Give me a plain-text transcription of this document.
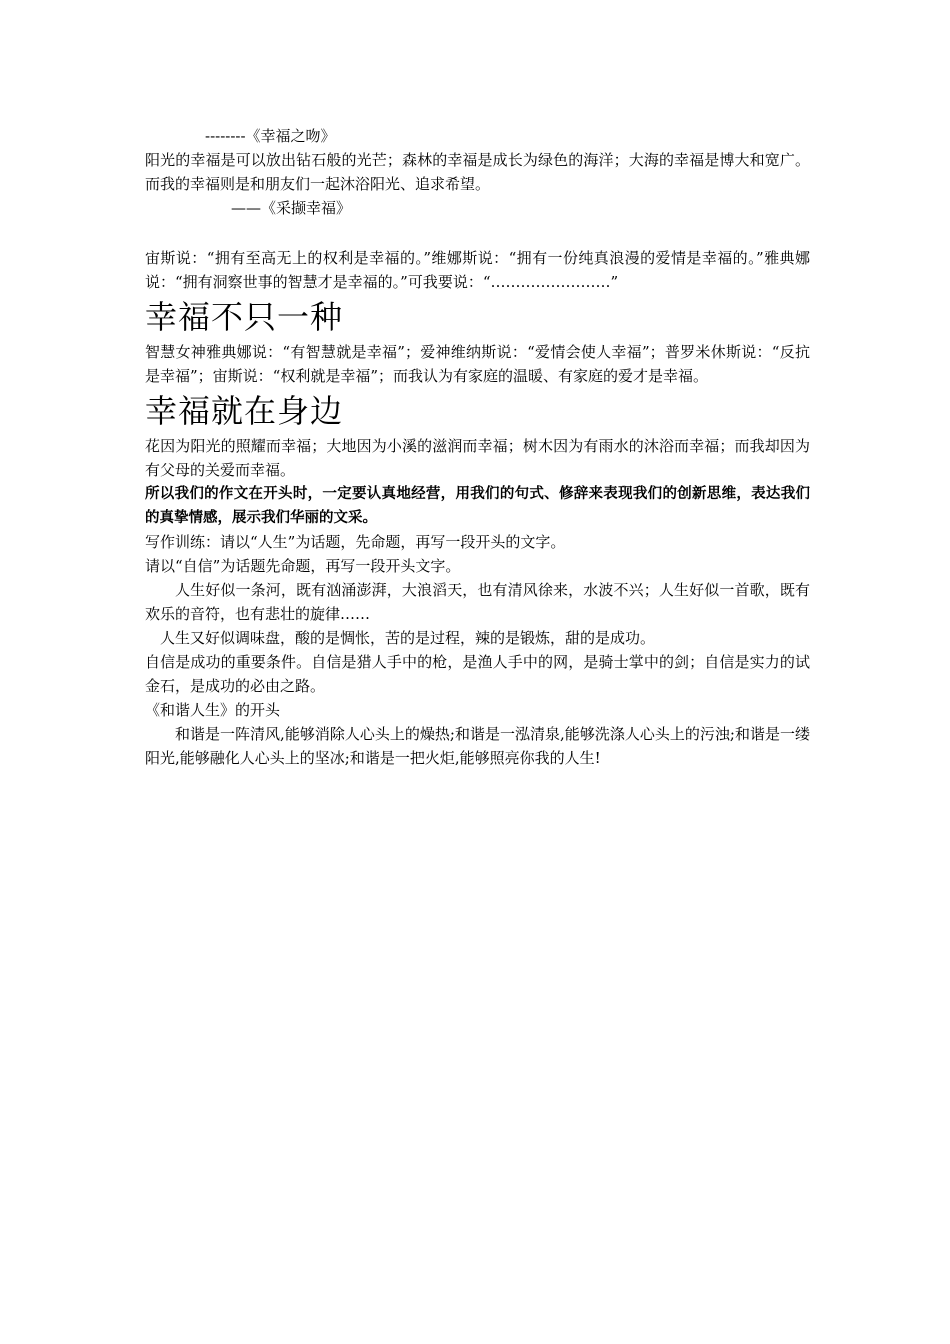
--------《幸福之吻》

阳光的幸福是可以放出钻石般的光芒；森林的幸福是成长为绿色的海洋；大海的幸福是博大和宽广。而我的幸福则是和朋友们一起沐浴阳光、追求希望。

——《采撷幸福》

宙斯说：“拥有至高无上的权利是幸福的。”维娜斯说：“拥有一份纯真浪漫的爱情是幸福的。”雅典娜说：“拥有洞察世事的智慧才是幸福的。”可我要说：“……………………”

幸福不只一种

智慧女神雅典娜说：“有智慧就是幸福”；爱神维纳斯说：“爱情会使人幸福”；普罗米休斯说：“反抗是幸福”；宙斯说：“权利就是幸福”；而我认为有家庭的温暖、有家庭的爱才是幸福。

幸福就在身边

花因为阳光的照耀而幸福；大地因为小溪的滋润而幸福；树木因为有雨水的沐浴而幸福；而我却因为有父母的关爱而幸福。

所以我们的作文在开头时，一定要认真地经营，用我们的句式、修辞来表现我们的创新思维，表达我们的真挚情感，展示我们华丽的文采。

写作训练：请以“人生”为话题，先命题，再写一段开头的文字。

请以“自信”为话题先命题，再写一段开头文字。

人生好似一条河，既有汹涌澎湃，大浪滔天，也有清风徐来，水波不兴；人生好似一首歌，既有欢乐的音符，也有悲壮的旋律……

人生又好似调味盘，酸的是惆怅，苦的是过程，辣的是锻炼，甜的是成功。

自信是成功的重要条件。自信是猎人手中的枪，是渔人手中的网，是骑士掌中的剑；自信是实力的试金石，是成功的必由之路。

《和谐人生》的开头

和谐是一阵清风,能够消除人心头上的燥热;和谐是一泓清泉,能够洗涤人心头上的污浊;和谐是一缕阳光,能够融化人心头上的坚冰;和谐是一把火炬,能够照亮你我的人生!
